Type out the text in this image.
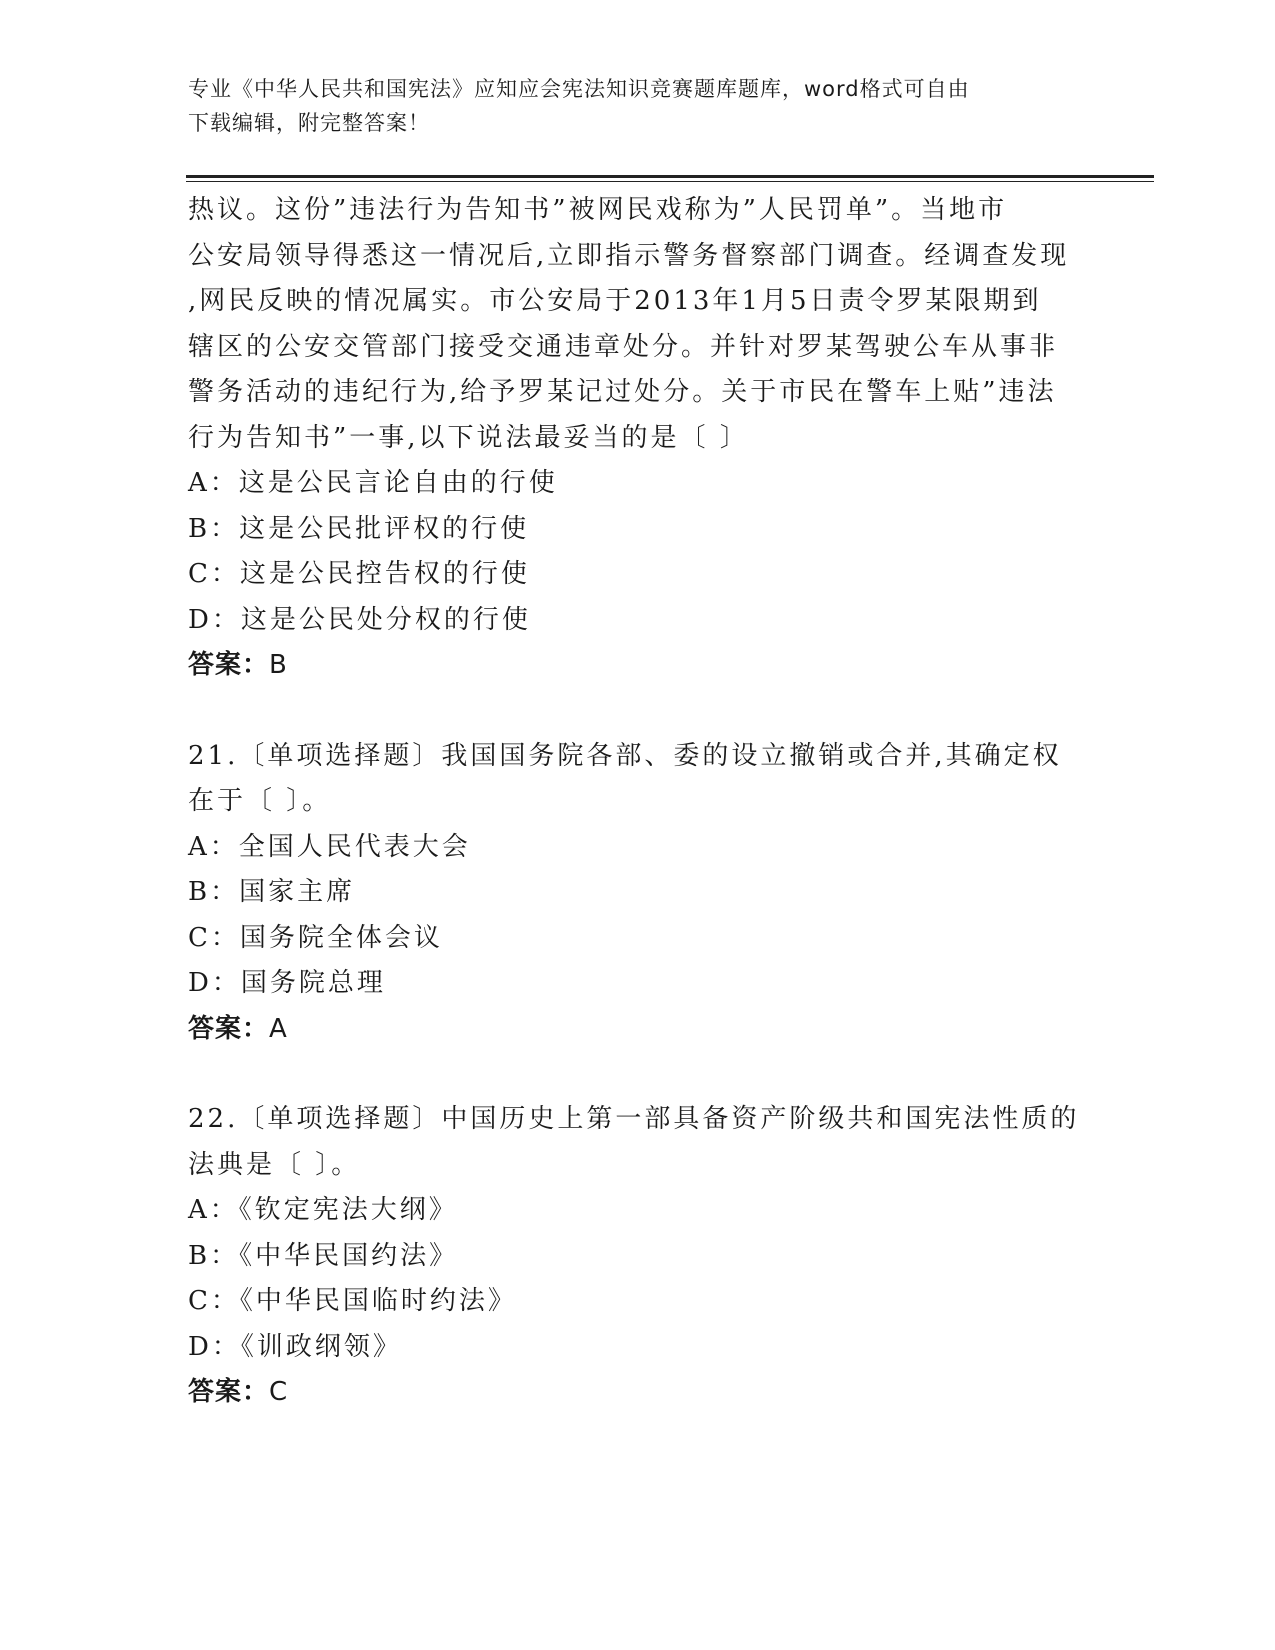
专业《中华人民共和国宪法》应知应会宪法知识竞赛题库题库，word格式可自由
下载编辑，附完整答案！
热议。这份”违法行为告知书”被网民戏称为”人民罚单”。当地市
公安局领导得悉这一情况后,立即指示警务督察部门调查。经调查发现
,网民反映的情况属实。市公安局于2013年1月5日责令罗某限期到
辖区的公安交管部门接受交通违章处分。并针对罗某驾驶公车从事非
警务活动的违纪行为,给予罗某记过处分。关于市民在警车上贴”违法
行为告知书”一事,以下说法最妥当的是〔 〕
A：这是公民言论自由的行使
B：这是公民批评权的行使
C：这是公民控告权的行使
D：这是公民处分权的行使
答案：B
21.〔单项选择题〕我国国务院各部、委的设立撤销或合并,其确定权
在于〔 〕。
A：全国人民代表大会
B：国家主席
C：国务院全体会议
D：国务院总理
答案：A
22.〔单项选择题〕中国历史上第一部具备资产阶级共和国宪法性质的
法典是〔 〕。
A：《钦定宪法大纲》
B：《中华民国约法》
C：《中华民国临时约法》
D：《训政纲领》
答案：C
